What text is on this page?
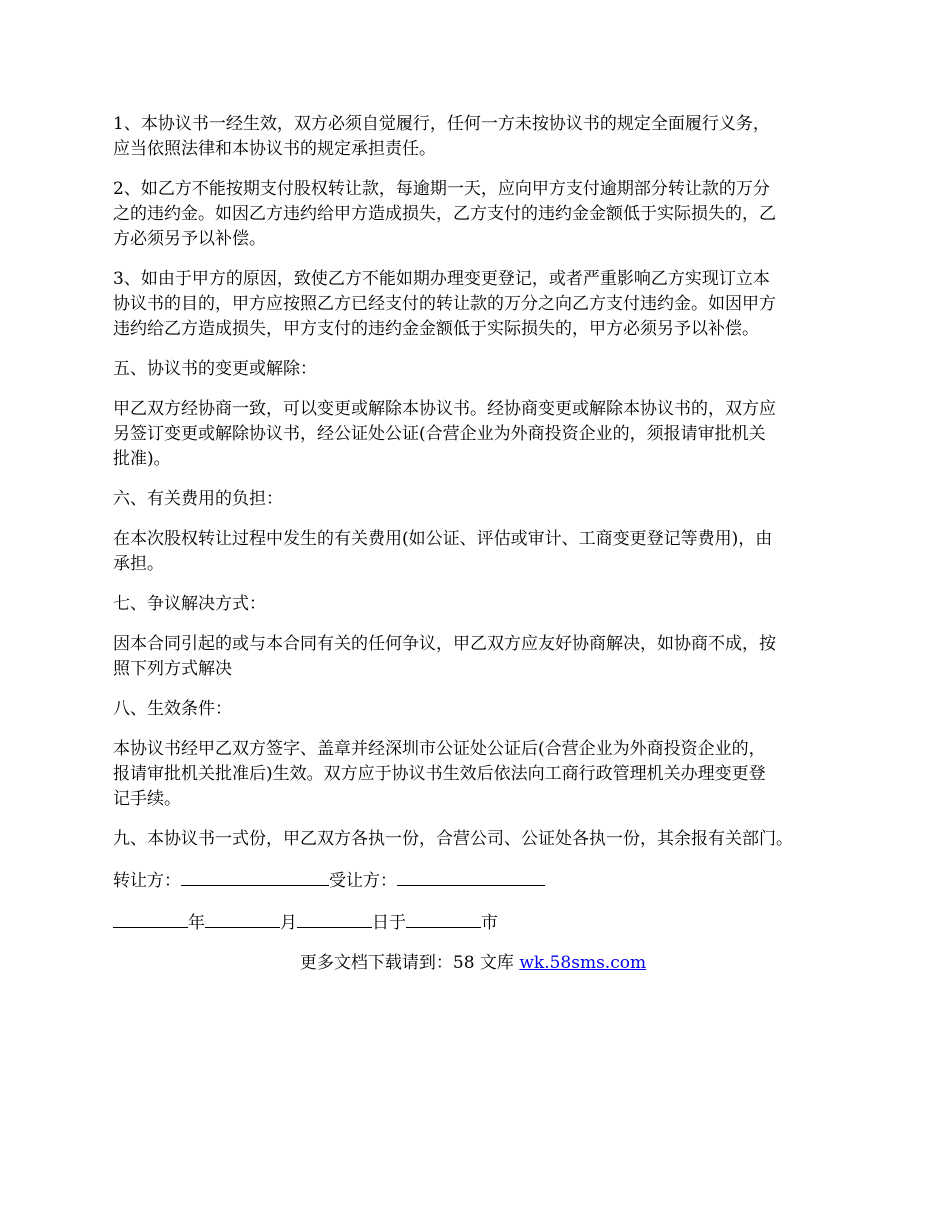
1、本协议书一经生效，双方必须自觉履行，任何一方未按协议书的规定全面履行义务，
应当依照法律和本协议书的规定承担责任。

2、如乙方不能按期支付股权转让款，每逾期一天，应向甲方支付逾期部分转让款的万分
之的违约金。如因乙方违约给甲方造成损失，乙方支付的违约金金额低于实际损失的，乙
方必须另予以补偿。

3、如由于甲方的原因，致使乙方不能如期办理变更登记，或者严重影响乙方实现订立本
协议书的目的，甲方应按照乙方已经支付的转让款的万分之向乙方支付违约金。如因甲方
违约给乙方造成损失，甲方支付的违约金金额低于实际损失的，甲方必须另予以补偿。

五、协议书的变更或解除：

甲乙双方经协商一致，可以变更或解除本协议书。经协商变更或解除本协议书的，双方应
另签订变更或解除协议书，经公证处公证(合营企业为外商投资企业的，须报请审批机关
批准)。

六、有关费用的负担：

在本次股权转让过程中发生的有关费用(如公证、评估或审计、工商变更登记等费用)，由
承担。

七、争议解决方式：

因本合同引起的或与本合同有关的任何争议，甲乙双方应友好协商解决，如协商不成，按
照下列方式解决

八、生效条件：

本协议书经甲乙双方签字、盖章并经深圳市公证处公证后(合营企业为外商投资企业的，
报请审批机关批准后)生效。双方应于协议书生效后依法向工商行政管理机关办理变更登
记手续。

九、本协议书一式份，甲乙双方各执一份，合营公司、公证处各执一份，其余报有关部门。

转让方：	受让方：

年	月	日于	市

更多文档下载请到：58 文库 wk.58sms.com
